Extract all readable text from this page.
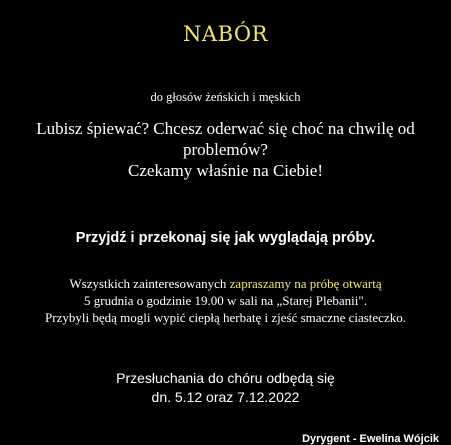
NABÓR
do głosów żeńskich i męskich
Lubisz śpiewać? Chcesz oderwać się choć na chwilę od
problemów?
Czekamy właśnie na Ciebie!
Przyjdź i przekonaj się jak wyglądają próby.
Wszystkich zainteresowanych zapraszamy na próbę otwartą
5 grudnia o godzinie 19.00 w sali na „Starej Plebanii".
Przybyli będą mogli wypić ciepłą herbatę i zjeść smaczne ciasteczko.
Przesłuchania do chóru odbędą się
dn. 5.12 oraz 7.12.2022
Dyrygent - Ewelina Wójcik
